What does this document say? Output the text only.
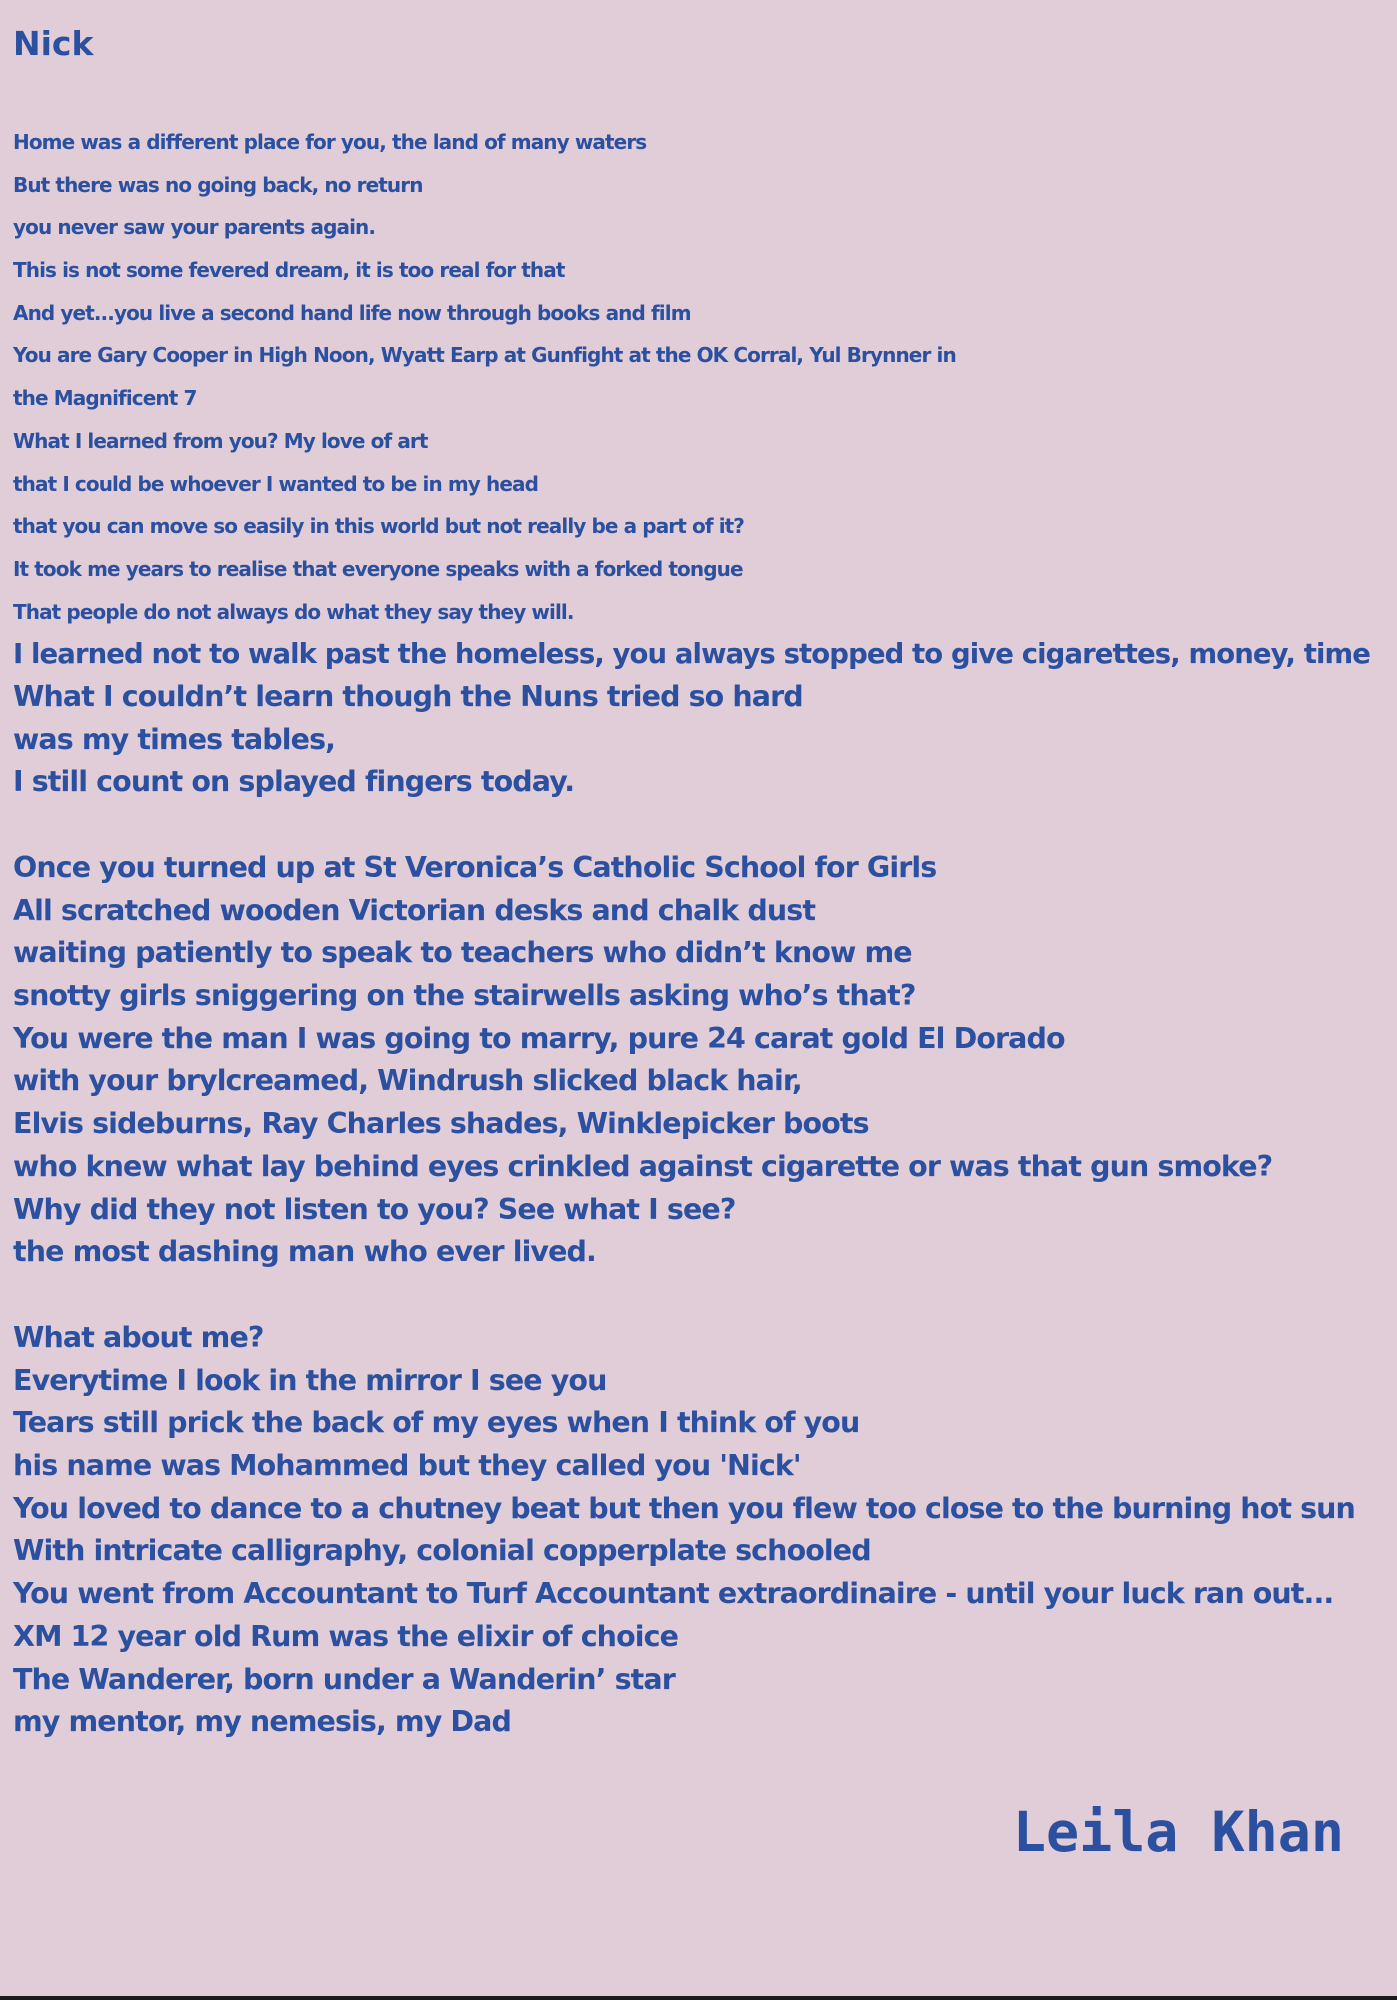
Nick
Home was a different place for you, the land of many waters
But there was no going back, no return
you never saw your parents again.
This is not some fevered dream, it is too real for that
And yet...you live a second hand life now through books and film
You are Gary Cooper in High Noon, Wyatt Earp at Gunfight at the OK Corral, Yul Brynner in
the Magnificent 7
What I learned from you? My love of art
that I could be whoever I wanted to be in my head
that you can move so easily in this world but not really be a part of it?
It took me years to realise that everyone speaks with a forked tongue
That people do not always do what they say they will.
I learned not to walk past the homeless, you always stopped to give cigarettes, money, time
What I couldn’t learn though the Nuns tried so hard
was my times tables,
I still count on splayed fingers today.
Once you turned up at St Veronica’s Catholic School for Girls
All scratched wooden Victorian desks and chalk dust
waiting patiently to speak to teachers who didn’t know me
snotty girls sniggering on the stairwells asking who’s that?
You were the man I was going to marry, pure 24 carat gold El Dorado
with your brylcreamed, Windrush slicked black hair,
Elvis sideburns, Ray Charles shades, Winklepicker boots
who knew what lay behind eyes crinkled against cigarette or was that gun smoke?
Why did they not listen to you? See what I see?
the most dashing man who ever lived.
What about me?
Everytime I look in the mirror I see you
Tears still prick the back of my eyes when I think of you
his name was Mohammed but they called you 'Nick'
You loved to dance to a chutney beat but then you flew too close to the burning hot sun
With intricate calligraphy, colonial copperplate schooled
You went from Accountant to Turf Accountant extraordinaire - until your luck ran out...
XM 12 year old Rum was the elixir of choice
The Wanderer, born under a Wanderin’ star
my mentor, my nemesis, my Dad

Leila Khan
